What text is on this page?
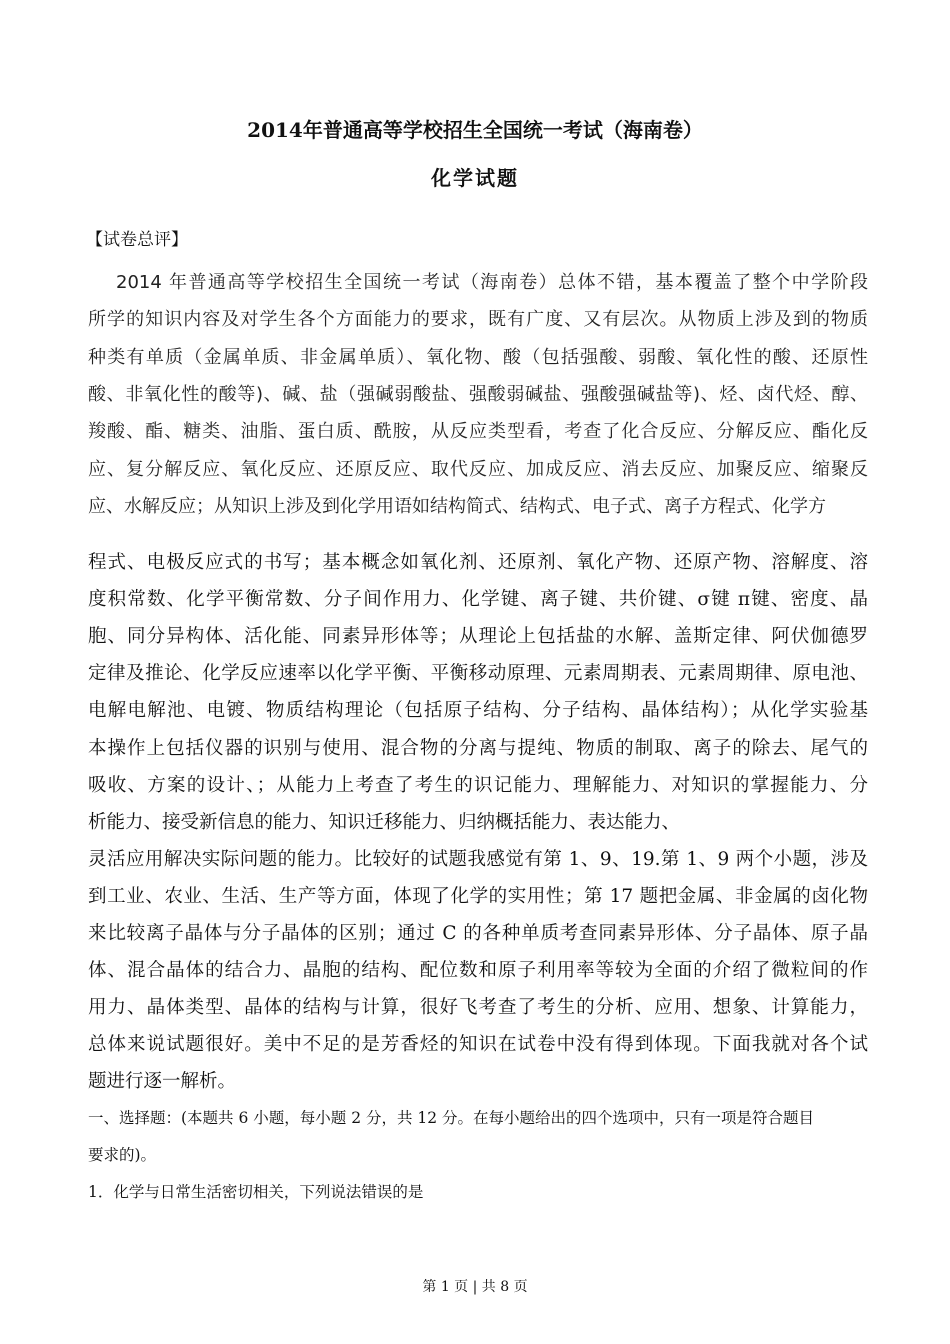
2014年普通高等学校招生全国统一考试（海南卷）
化学试题
【试卷总评】
2014 年普通高等学校招生全国统一考试（海南卷）总体不错，基本覆盖了整个中学阶段
所学的知识内容及对学生各个方面能力的要求，既有广度、又有层次。从物质上涉及到的物质
种类有单质（金属单质、非金属单质）、氧化物、酸（包括强酸、弱酸、氧化性的酸、还原性
酸、非氧化性的酸等)、碱、盐（强碱弱酸盐、强酸弱碱盐、强酸强碱盐等)、烃、卤代烃、醇、
羧酸、酯、糖类、油脂、蛋白质、酰胺，从反应类型看，考查了化合反应、分解反应、酯化反
应、复分解反应、氧化反应、还原反应、取代反应、加成反应、消去反应、加聚反应、缩聚反
应、水解反应；从知识上涉及到化学用语如结构简式、结构式、电子式、离子方程式、化学方
程式、电极反应式的书写；基本概念如氧化剂、还原剂、氧化产物、还原产物、溶解度、溶
度积常数、化学平衡常数、分子间作用力、化学键、离子键、共价键、σ键 π键、密度、晶
胞、同分异构体、活化能、同素异形体等；从理论上包括盐的水解、盖斯定律、阿伏伽德罗
定律及推论、化学反应速率以化学平衡、平衡移动原理、元素周期表、元素周期律、原电池、
电解电解池、电镀、物质结构理论（包括原子结构、分子结构、晶体结构）；从化学实验基
本操作上包括仪器的识别与使用、混合物的分离与提纯、物质的制取、离子的除去、尾气的
吸收、方案的设计、；从能力上考查了考生的识记能力、理解能力、对知识的掌握能力、分
析能力、接受新信息的能力、知识迁移能力、归纳概括能力、表达能力、
灵活应用解决实际问题的能力。比较好的试题我感觉有第 1、9、19.第 1、9 两个小题，涉及
到工业、农业、生活、生产等方面，体现了化学的实用性；第 17 题把金属、非金属的卤化物
来比较离子晶体与分子晶体的区别；通过 C 的各种单质考查同素异形体、分子晶体、原子晶
体、混合晶体的结合力、晶胞的结构、配位数和原子利用率等较为全面的介绍了微粒间的作
用力、晶体类型、晶体的结构与计算，很好飞考查了考生的分析、应用、想象、计算能力，
总体来说试题很好。美中不足的是芳香烃的知识在试卷中没有得到体现。下面我就对各个试
题进行逐一解析。
一、选择题：(本题共 6 小题，每小题 2 分，共 12 分。在每小题给出的四个选项中，只有一项是符合题目
要求的)。
1．化学与日常生活密切相关，下列说法错误的是
第 1 页 | 共 8 页
